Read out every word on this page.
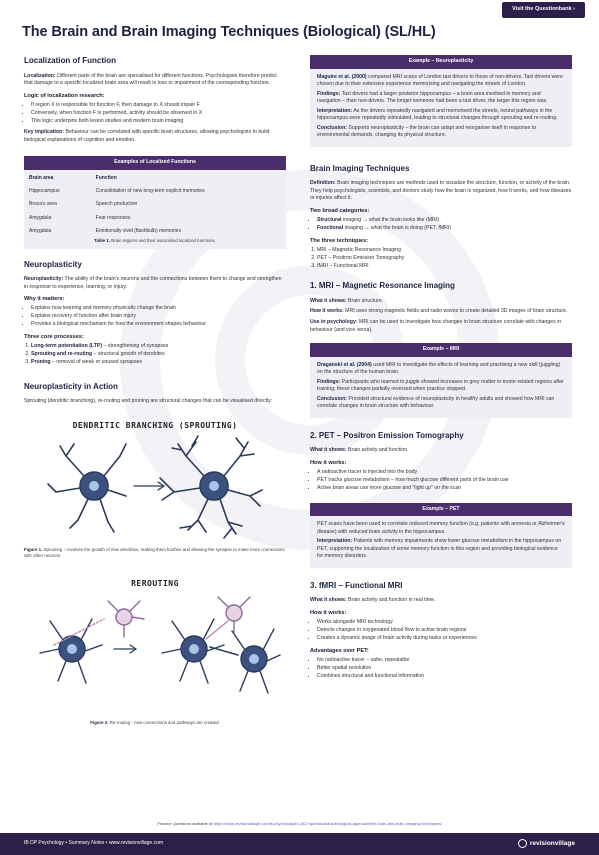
Visit the Questionbank ›
The Brain and Brain Imaging Techniques (Biological) (SL/HL)
Localization of Function

Localization: Different parts of the brain are specialised for different functions. Psychologists therefore predict that damage to a specific localized brain area will result in loss or impairment of the corresponding function.

Logic of localization research:
• If region X is responsible for function F, then damage to X should impair F
• Conversely, when function F is performed, activity should be observed in X
• This logic underpins both lesion studies and modern brain imaging

Key implication: Behaviour can be correlated with specific brain structures, allowing psychologists to build biological explanations of cognition and emotion.

Examples of Localized Functions
Brain area	Function
Hippocampus	Consolidation of new long-term explicit memories
Broca's area	Speech production
Amygdala	Fear responses
Amygdala	Emotionally vivid (flashbulb) memories
Table 1. Brain regions and their associated localized functions.
Neuroplasticity

Neuroplasticity: The ability of the brain's neurons and the connections between them to change and strengthen in response to experience, learning, or injury.

Why it matters:
• Explains how learning and memory physically change the brain
• Explains recovery of function after brain injury
• Provides a biological mechanism for how the environment shapes behaviour
Three core processes:
1. Long-term potentiation (LTP) – strengthening of synapses
2. Sprouting and re-routing – structural growth of dendrites
3. Pruning – removal of weak or unused synapses
Neuroplasticity in Action

Sprouting (dendritic branching), re-routing and pruning are structural changes that can be visualised directly:

DENDRITIC BRANCHING (SPROUTING)
Figure 1. Sprouting – involves the growth of new dendrites, making them bushier and allowing the synapse to make more connections with other neurons.
REROUTING
Figure 2. Re-routing - new connections and pathways are created.
Example – Neuroplasticity

Maguire et al. (2000) compared MRI scans of London taxi drivers to those of non-drivers. Taxi drivers were chosen due to their extensive experience memorising and navigating the streets of London.

Findings: Taxi drivers had a larger posterior hippocampus – a brain area involved in memory and navigation – than non-drivers. The longer someone had been a taxi driver, the larger this region was.

Interpretation: As the drivers repeatedly navigated and memorised the streets, neural pathways in the hippocampus were repeatedly stimulated, leading to structural changes through sprouting and re-routing.

Conclusion: Supports neuroplasticity – the brain can adapt and reorganise itself in response to environmental demands, changing its physical structure.

Brain Imaging Techniques

Definition: Brain imaging techniques are methods used to visualize the structure, function, or activity of the brain. They help psychologists, scientists, and doctors study how the brain is organized, how it works, and how diseases or injuries affect it.

Two broad categories:
• Structural imaging → what the brain looks like (MRI)
• Functional imaging → what the brain is doing (PET, fMRI)
The three techniques:
1. MRI – Magnetic Resonance Imaging
2. PET – Positron Emission Tomography
3. fMRI – Functional MRI
1. MRI – Magnetic Resonance Imaging

What it shows: Brain structure.

How it works: MRI uses strong magnetic fields and radio waves to create detailed 3D images of brain structure.

Use in psychology: MRI can be used to investigate how changes in brain structure correlate with changes in behaviour (and vice versa).

Example – MRI

Draganski et al. (2004) used MRI to investigate the effects of learning and practising a new skill (juggling) on the structure of the human brain.

Findings: Participants who learned to juggle showed increases in grey matter in motor-related regions after training; these changes partially reversed when practice stopped.

Conclusion: Provided structural evidence of neuroplasticity in healthy adults and showed how MRI can correlate changes in brain structure with behaviour.

2. PET – Positron Emission Tomography

What it shows: Brain activity and function.

How it works:
• A radioactive tracer is injected into the body
• PET tracks glucose metabolism – how much glucose different parts of the brain use
• Active brain areas use more glucose and "light up" on the scan
Example – PET

PET scans have been used to correlate reduced memory function (e.g. patients with amnesia or Alzheimer's disease) with reduced brain activity in the hippocampus.

Interpretation: Patients with memory impairments show lower glucose metabolism in the hippocampus on PET, supporting the localization of some memory function in this region and providing biological evidence for memory disorders.

3. fMRI – Functional MRI

What it shows: Brain activity and function in real time.

How it works:
• Works alongside MRI technology
• Detects changes in oxygenated blood flow to active brain regions
• Creates a dynamic image of brain activity during tasks or experiences
Advantages over PET:
• No radioactive tracer – safer, repeatable
• Better spatial resolution
• Combines structural and functional information
Practice Questions available at https://www.revisionvillage.com/ib-psychology/hl-2027/questionbank/biological-approach/the-brain-and-brain-imaging-techniques/
IB DP Psychology • Summary Notes • www.revisionvillage.com	revisionvillage
